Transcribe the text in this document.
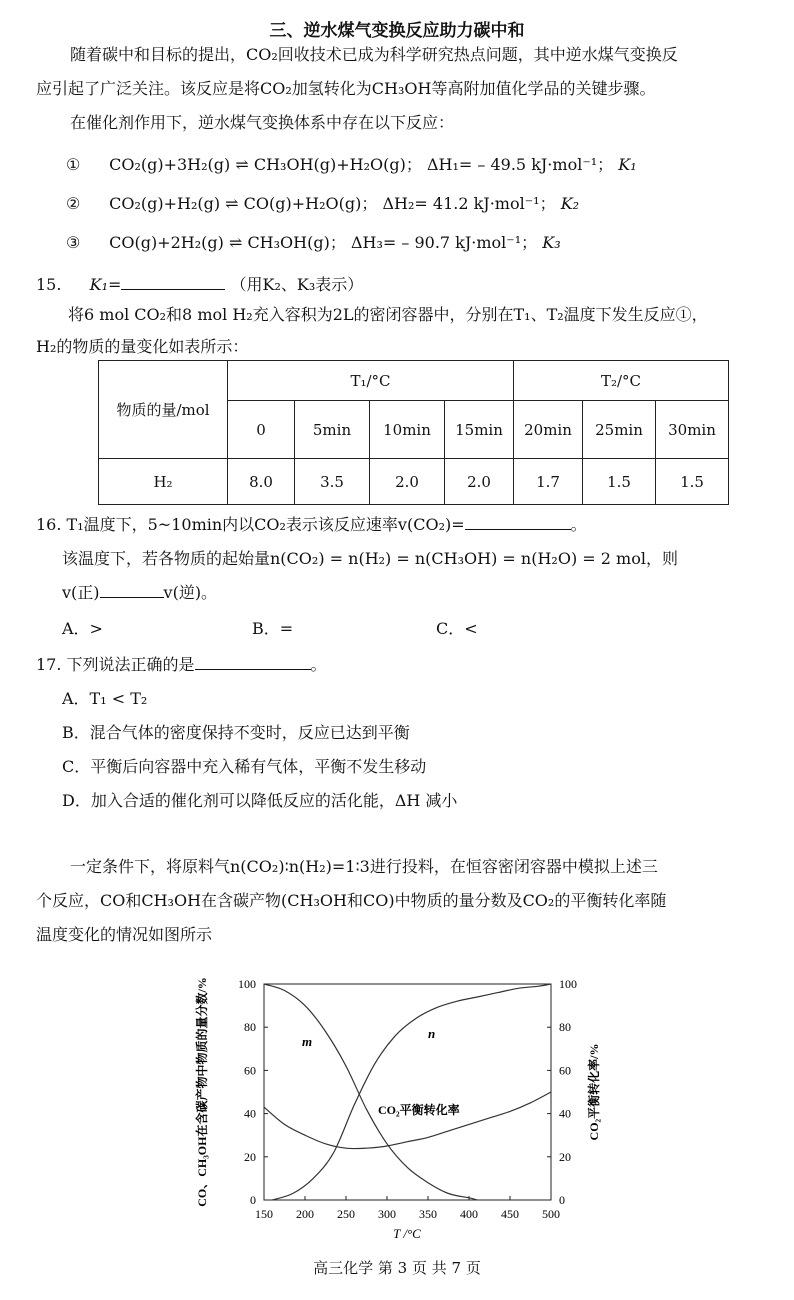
三、逆水煤气变换反应助力碳中和
随着碳中和目标的提出，CO₂回收技术已成为科学研究热点问题，其中逆水煤气变换反
应引起了广泛关注。该反应是将CO₂加氢转化为CH₃OH等高附加值化学品的关键步骤。
在催化剂作用下，逆水煤气变换体系中存在以下反应：
① CO₂(g)+3H₂(g) ⇌ CH₃OH(g)+H₂O(g)； ΔH₁= – 49.5 kJ·mol⁻¹； K₁
② CO₂(g)+H₂(g) ⇌ CO(g)+H₂O(g)； ΔH₂= 41.2 kJ·mol⁻¹； K₂
③ CO(g)+2H₂(g) ⇌ CH₃OH(g)； ΔH₃= – 90.7 kJ·mol⁻¹； K₃
15. K₁=	（用K₂、K₃表示）
将6 mol CO₂和8 mol H₂充入容积为2L的密闭容器中，分别在T₁、T₂温度下发生反应①，
H₂的物质的量变化如表所示：
物质的量/mol	T₁/°C				T₂/°C		
	0	5min	10min	15min	20min	25min	30min
H₂	8.0	3.5	2.0	2.0	1.7	1.5	1.5
16. T₁温度下，5~10min内以CO₂表示该反应速率v(CO₂)=	。
该温度下，若各物质的起始量n(CO₂) = n(H₂) = n(CH₃OH) = n(H₂O) = 2 mol，则
v(正)	v(逆)。
A．>	B．=	C．<
17. 下列说法正确的是	。
A．T₁ < T₂
B．混合气体的密度保持不变时，反应已达到平衡
C．平衡后向容器中充入稀有气体，平衡不发生移动
D．加入合适的催化剂可以降低反应的活化能，ΔH 减小
一定条件下，将原料气n(CO₂)∶n(H₂)=1∶3进行投料，在恒容密闭容器中模拟上述三
个反应，CO和CH₃OH在含碳产物(CH₃OH和CO)中物质的量分数及CO₂的平衡转化率随
温度变化的情况如图所示
150 200 250 300 350 400 450 500
0	0
20	20
40	40
60	60
80	80
100	100
CO、CH₃OH在含碳产物中物质的量分数/%	CO₂平衡转化率/%
T /°C
m
n
CO₂平衡转化率
高三化学 第 3 页 共 7 页
